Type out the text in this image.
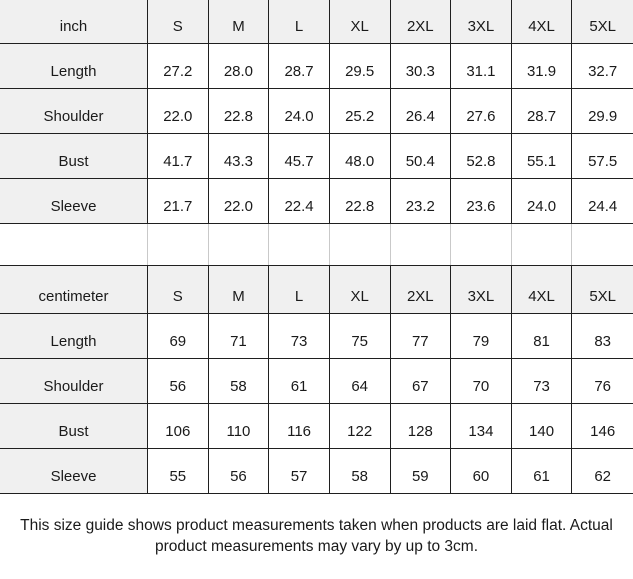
inch	S	M	L	XL	2XL	3XL	4XL	5XL
Length	27.2	28.0	28.7	29.5	30.3	31.1	31.9	32.7
Shoulder	22.0	22.8	24.0	25.2	26.4	27.6	28.7	29.9
Bust	41.7	43.3	45.7	48.0	50.4	52.8	55.1	57.5
Sleeve	21.7	22.0	22.4	22.8	23.2	23.6	24.0	24.4
centimeter	S	M	L	XL	2XL	3XL	4XL	5XL
Length	69	71	73	75	77	79	81	83
Shoulder	56	58	61	64	67	70	73	76
Bust	106	110	116	122	128	134	140	146
Sleeve	55	56	57	58	59	60	61	62
This size guide shows product measurements taken when products are laid flat. Actual
product measurements may vary by up to 3cm.
